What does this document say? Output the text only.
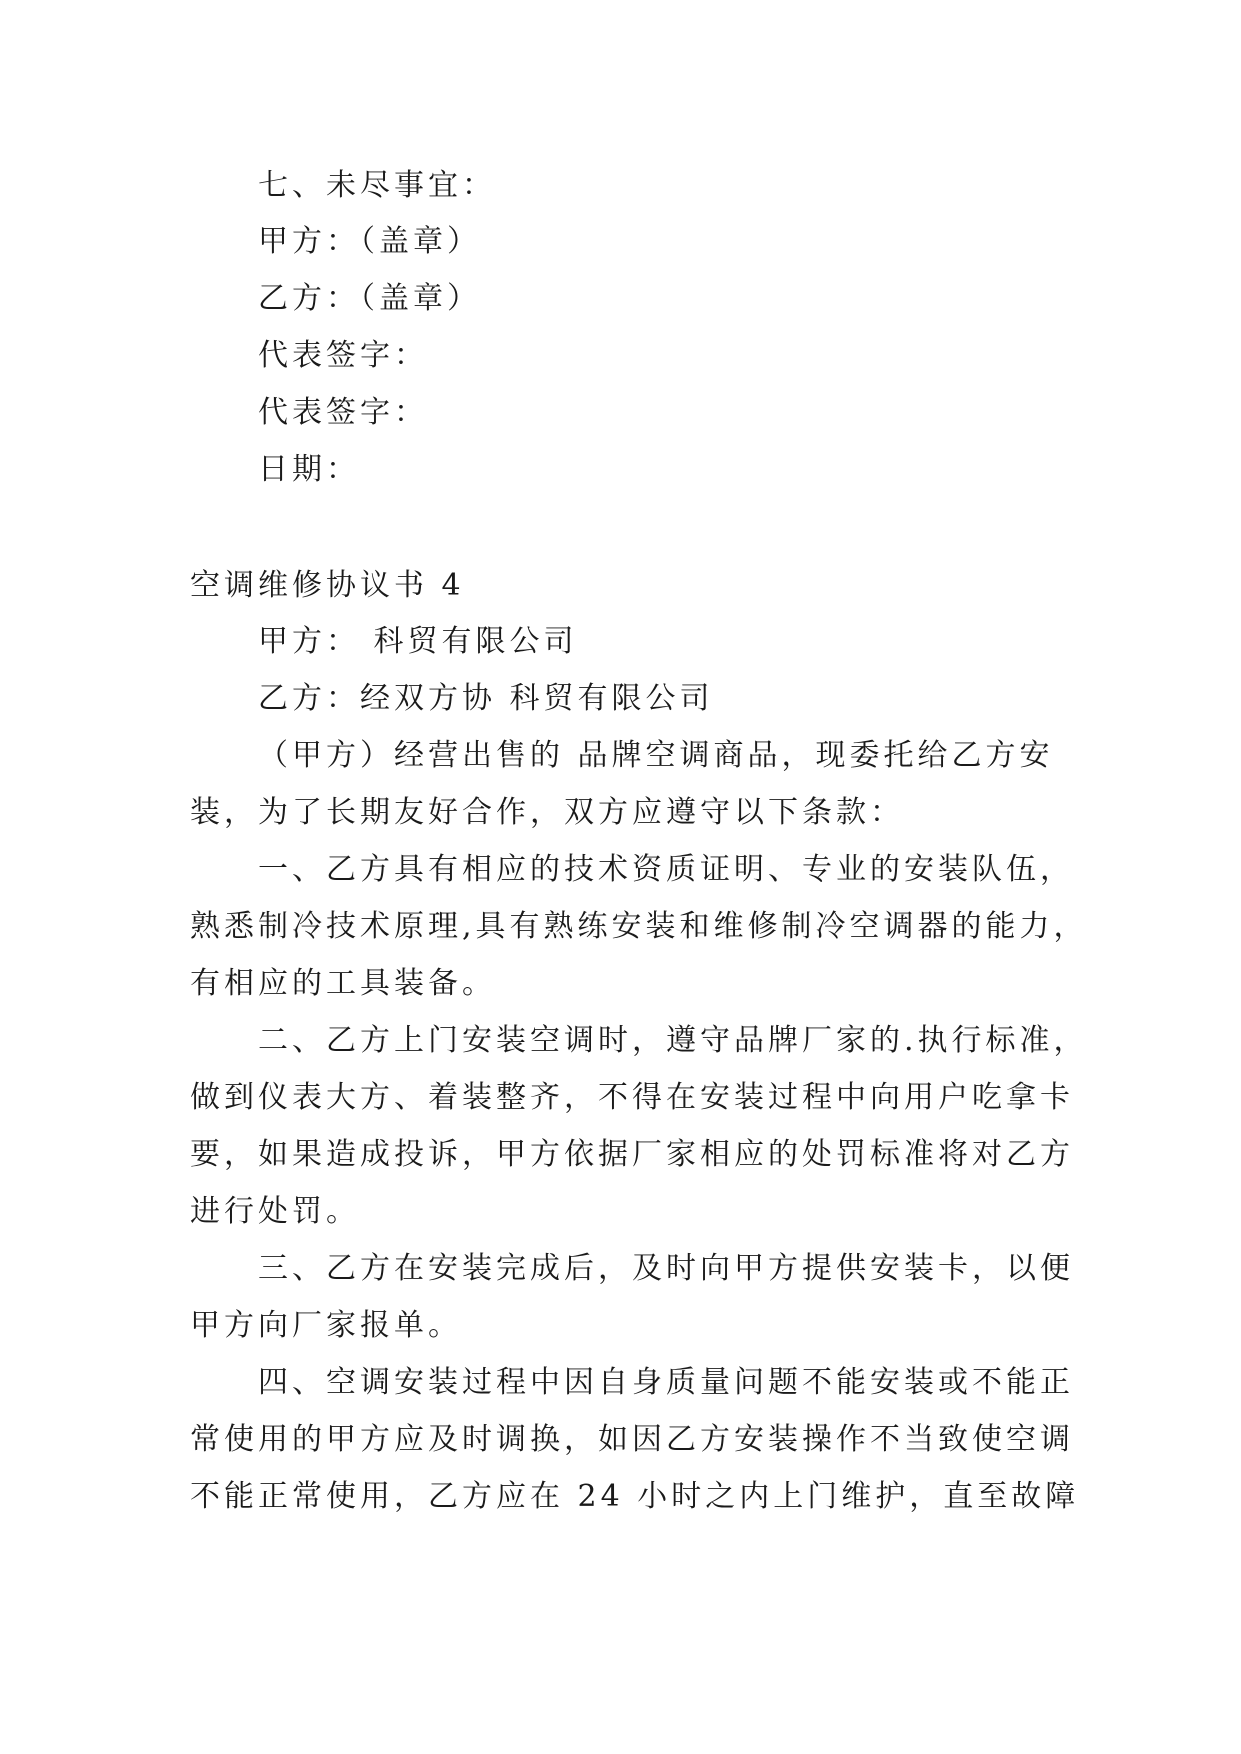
七、未尽事宜：
甲方：（盖章）
乙方：（盖章）
代表签字：
代表签字：
日期：
空调维修协议书 4
甲方： 科贸有限公司
乙方：经双方协 科贸有限公司
（甲方）经营出售的 品牌空调商品，现委托给乙方安
装，为了长期友好合作，双方应遵守以下条款：
一、乙方具有相应的技术资质证明、专业的安装队伍，
熟悉制冷技术原理,具有熟练安装和维修制冷空调器的能力，
有相应的工具装备。
二、乙方上门安装空调时，遵守品牌厂家的.执行标准，
做到仪表大方、着装整齐，不得在安装过程中向用户吃拿卡
要，如果造成投诉，甲方依据厂家相应的处罚标准将对乙方
进行处罚。
三、乙方在安装完成后，及时向甲方提供安装卡，以便
甲方向厂家报单。
四、空调安装过程中因自身质量问题不能安装或不能正
常使用的甲方应及时调换，如因乙方安装操作不当致使空调
不能正常使用，乙方应在 24 小时之内上门维护，直至故障
